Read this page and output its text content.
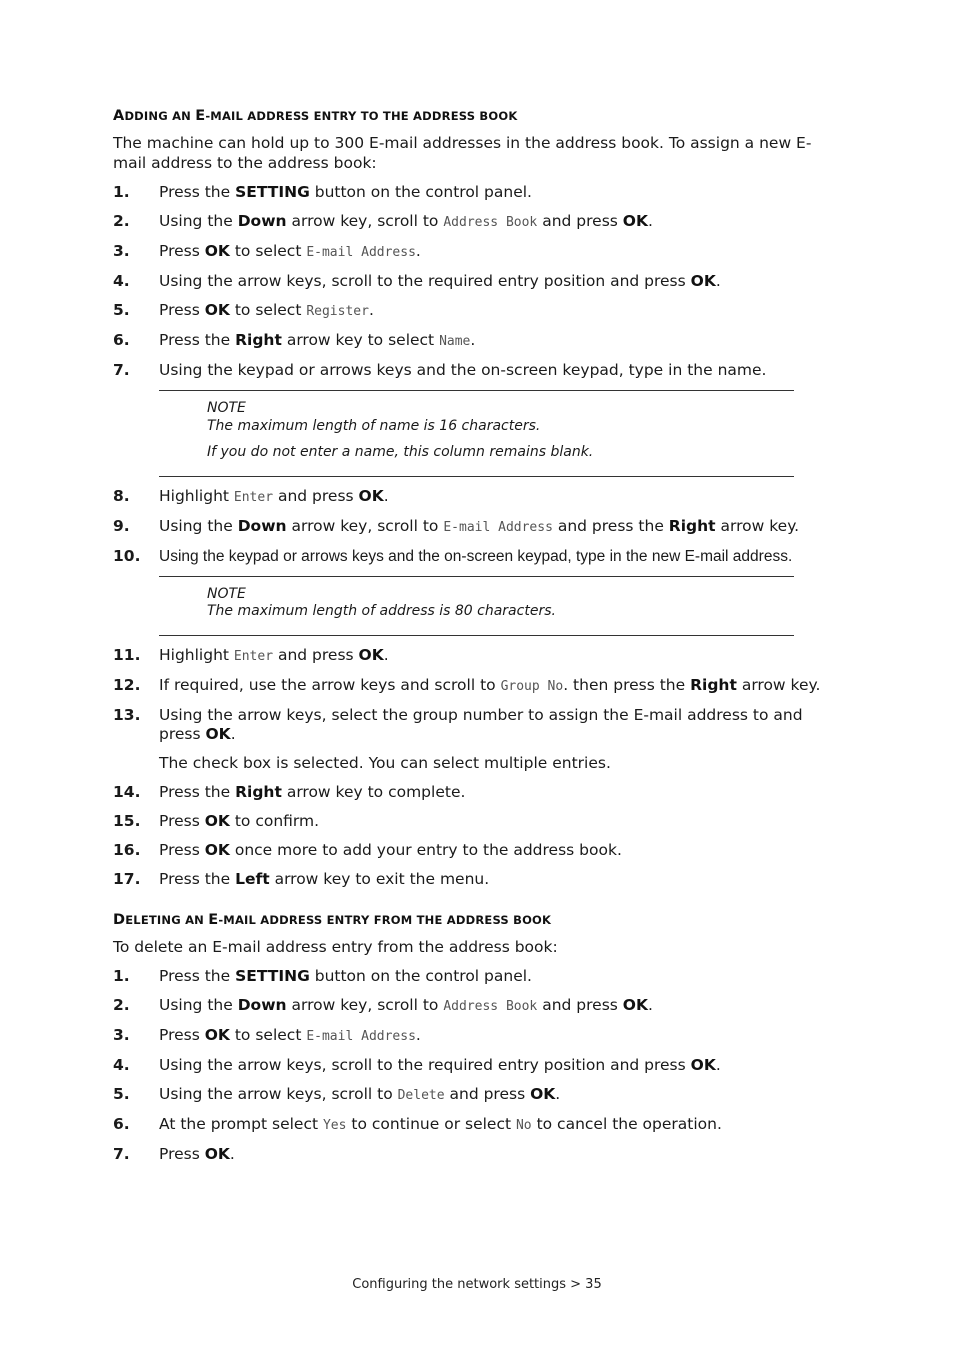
ADDING AN E-MAIL ADDRESS ENTRY TO THE ADDRESS BOOK

The machine can hold up to 300 E-mail addresses in the address book. To assign a new E-mail address to the address book:

1. Press the SETTING button on the control panel.
2. Using the Down arrow key, scroll to Address Book and press OK.
3. Press OK to select E-mail Address.
4. Using the arrow keys, scroll to the required entry position and press OK.
5. Press OK to select Register.
6. Press the Right arrow key to select Name.
7. Using the keypad or arrows keys and the on-screen keypad, type in the name.

NOTE

The maximum length of name is 16 characters.

If you do not enter a name, this column remains blank.

8. Highlight Enter and press OK.
9. Using the Down arrow key, scroll to E-mail Address and press the Right arrow key.
10. Using the keypad or arrows keys and the on-screen keypad, type in the new E-mail address.

NOTE

The maximum length of address is 80 characters.

11. Highlight Enter and press OK.
12. If required, use the arrow keys and scroll to Group No. then press the Right arrow key.
13. Using the arrow keys, select the group number to assign the E-mail address to and press OK.

The check box is selected. You can select multiple entries.

14. Press the Right arrow key to complete.
15. Press OK to confirm.
16. Press OK once more to add your entry to the address book.
17. Press the Left arrow key to exit the menu.
DELETING AN E-MAIL ADDRESS ENTRY FROM THE ADDRESS BOOK

To delete an E-mail address entry from the address book:

1. Press the SETTING button on the control panel.
2. Using the Down arrow key, scroll to Address Book and press OK.
3. Press OK to select E-mail Address.
4. Using the arrow keys, scroll to the required entry position and press OK.
5. Using the arrow keys, scroll to Delete and press OK.
6. At the prompt select Yes to continue or select No to cancel the operation.
7. Press OK.
Configuring the network settings > 35
